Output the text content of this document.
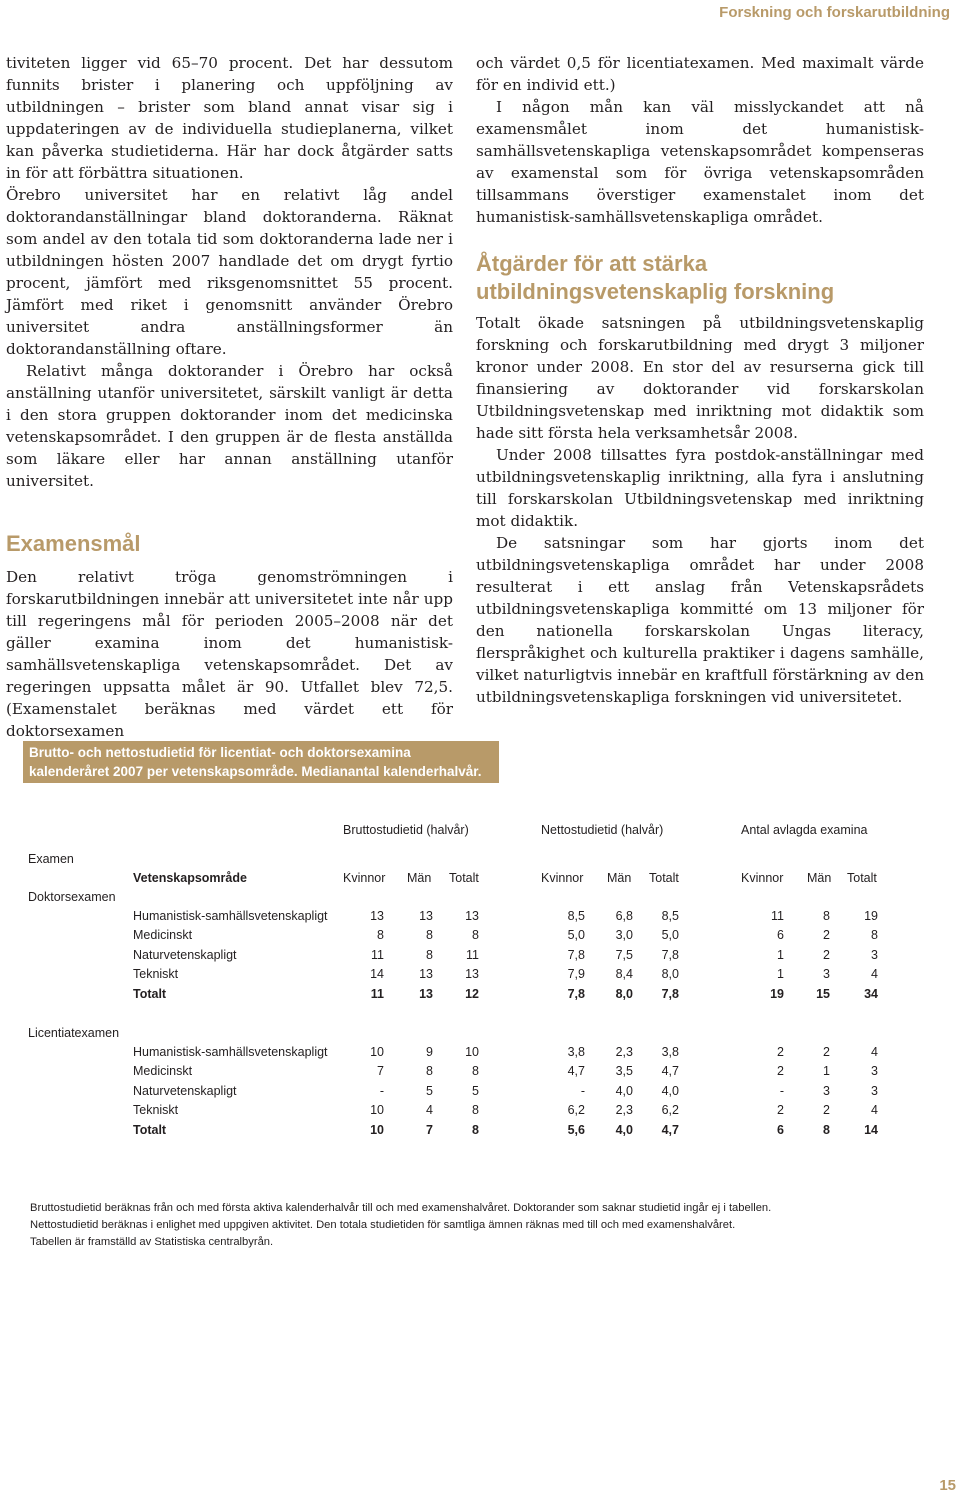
Forskning och forskarutbildning

tiviteten ligger vid 65–70 procent. Det har dessutom funnits brister i planering och uppföljning av utbildningen – brister som bland annat visar sig i uppdateringen av de individuella studieplanerna, vilket kan påverka studietiderna. Här har dock åtgärder satts in för att förbättra situationen.

Örebro universitet har en relativt låg andel doktorandanställningar bland doktoranderna. Räknat som andel av den totala tid som doktoranderna lade ner i utbildningen hösten 2007 handlade det om drygt fyrtio procent, jämfört med riksgenomsnittet 55 procent. Jämfört med riket i genomsnitt använder Örebro universitet andra anställningsformer än doktorandanställning oftare.

Relativt många doktorander i Örebro har också anställning utanför universitetet, särskilt vanligt är detta i den stora gruppen doktorander inom det medicinska vetenskapsområdet. I den gruppen är de flesta anställda som läkare eller har annan anställning utanför universitet.

Examensmål

Den relativt tröga genomströmningen i forskarutbildningen innebär att universitetet inte når upp till regeringens mål för perioden 2005–2008 när det gäller examina inom det humanistisk-samhällsvetenskapliga vetenskapsområdet. Det av regeringen uppsatta målet är 90. Utfallet blev 72,5. (Examenstalet beräknas med värdet ett för doktorsexamen

och värdet 0,5 för licentiatexamen. Med maximalt värde för en individ ett.)

I någon mån kan väl misslyckandet att nå examensmålet inom det humanistisk-samhällsvetenskapliga vetenskapsområdet kompenseras av examenstal som för övriga vetenskapsområden tillsammans överstiger examenstalet inom det humanistisk-samhällsvetenskapliga området.

Åtgärder för att stärka utbildningsvetenskaplig forskning

Totalt ökade satsningen på utbildningsvetenskaplig forskning och forskarutbildning med drygt 3 miljoner kronor under 2008. En stor del av resurserna gick till finansiering av doktorander vid forskarskolan Utbildningsvetenskap med inriktning mot didaktik som hade sitt första hela verksamhetsår 2008.

Under 2008 tillsattes fyra postdok-anställningar med utbildningsvetenskaplig inriktning, alla fyra i anslutning till forskarskolan Utbildningsvetenskap med inriktning mot didaktik.

De satsningar som har gjorts inom det utbildningsvetenskapliga området har under 2008 resulterat i ett anslag från Vetenskapsrådets utbildningsvetenskapliga kommitté om 13 miljoner för den nationella forskarskolan Ungas literacy, flerspråkighet och kulturella praktiker i dagens samhälle, vilket naturligtvis innebär en kraftfull förstärkning av den utbildningsvetenskapliga forskningen vid universitetet.

Brutto- och nettostudietid för licentiat- och doktorsexamina
kalenderåret 2007 per vetenskapsområde. Medianantal kalenderhalvår.
Bruttostudietid (halvår)	Nettostudietid (halvår)	Antal avlagda examina
Examen
Vetenskapsområde	Kvinnor Män Totalt	Kvinnor Män Totalt	Kvinnor Män Totalt
Doktorsexamen
Humanistisk-samhällsvetenskapligt	13	13	13	8,5	6,8	8,5	11	8	19
Medicinskt	8	8	8	5,0	3,0	5,0	6	2	8
Naturvetenskapligt	11	8	11	7,8	7,5	7,8	1	2	3
Tekniskt	14	13	13	7,9	8,4	8,0	1	3	4
Totalt	11	13	12	7,8	8,0	7,8	19	15	34
Licentiatexamen
Humanistisk-samhällsvetenskapligt	10	9	10	3,8	2,3	3,8	2	2	4
Medicinskt	7	8	8	4,7	3,5	4,7	2	1	3
Naturvetenskapligt	-	5	5	-	4,0	4,0	-	3	3
Tekniskt	10	4	8	6,2	2,3	6,2	2	2	4
Totalt	10	7	8	5,6	4,0	4,7	6	8	14
Bruttostudietid beräknas från och med första aktiva kalenderhalvår till och med examenshalvåret. Doktorander som saknar studietid ingår ej i tabellen.
Nettostudietid beräknas i enlighet med uppgiven aktivitet. Den totala studietiden för samtliga ämnen räknas med till och med examenshalvåret.
Tabellen är framställd av Statistiska centralbyrån.
15
